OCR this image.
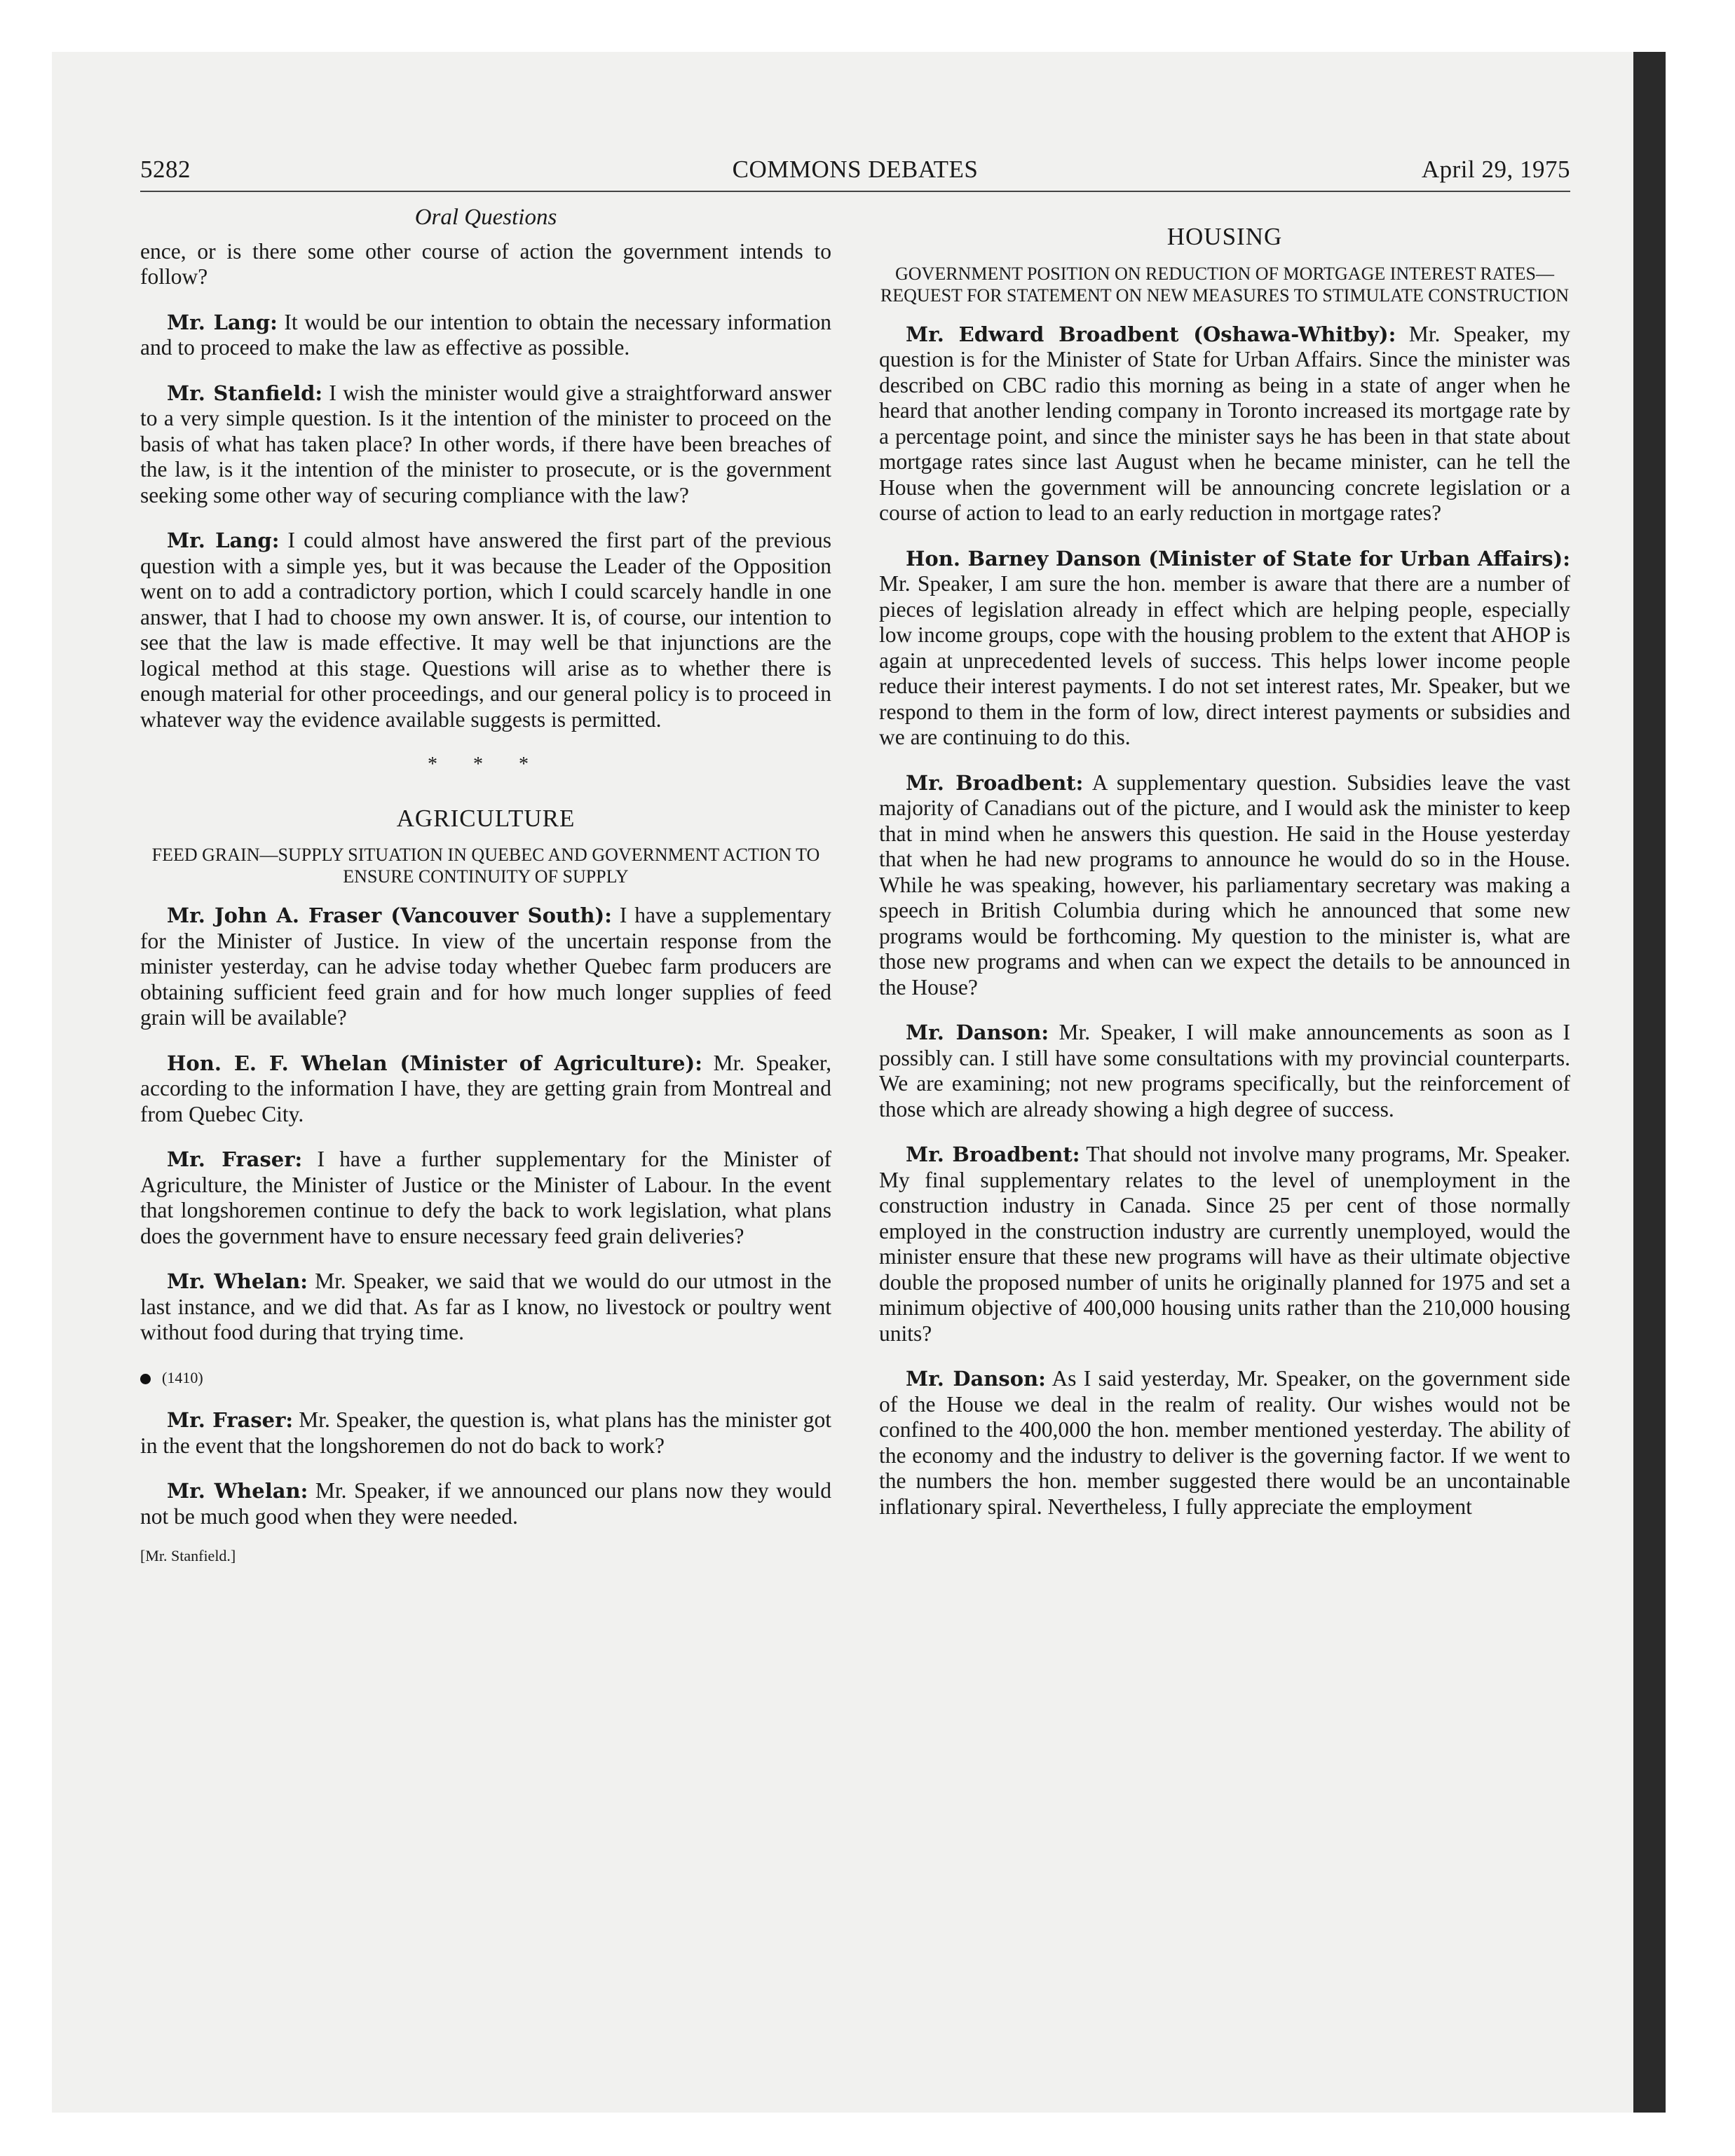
COMMONS DEBATES
5282	April 29, 1975
Oral Questions

ence, or is there some other course of action the government intends to follow?

Mr. Lang: It would be our intention to obtain the necessary information and to proceed to make the law as effective as possible.

Mr. Stanfield: I wish the minister would give a straightforward answer to a very simple question. Is it the intention of the minister to proceed on the basis of what has taken place? In other words, if there have been breaches of the law, is it the intention of the minister to prosecute, or is the government seeking some other way of securing compliance with the law?

Mr. Lang: I could almost have answered the first part of the previous question with a simple yes, but it was because the Leader of the Opposition went on to add a contradictory portion, which I could scarcely handle in one answer, that I had to choose my own answer. It is, of course, our intention to see that the law is made effective. It may well be that injunctions are the logical method at this stage. Questions will arise as to whether there is enough material for other proceedings, and our general policy is to proceed in whatever way the evidence available suggests is permitted.

* * *
AGRICULTURE
FEED GRAIN—SUPPLY SITUATION IN QUEBEC AND GOVERNMENT ACTION TO ENSURE CONTINUITY OF SUPPLY

Mr. John A. Fraser (Vancouver South): I have a supplementary for the Minister of Justice. In view of the uncertain response from the minister yesterday, can he advise today whether Quebec farm producers are obtaining sufficient feed grain and for how much longer supplies of feed grain will be available?

Hon. E. F. Whelan (Minister of Agriculture): Mr. Speaker, according to the information I have, they are getting grain from Montreal and from Quebec City.

Mr. Fraser: I have a further supplementary for the Minister of Agriculture, the Minister of Justice or the Minister of Labour. In the event that longshoremen continue to defy the back to work legislation, what plans does the government have to ensure necessary feed grain deliveries?

Mr. Whelan: Mr. Speaker, we said that we would do our utmost in the last instance, and we did that. As far as I know, no livestock or poultry went without food during that trying time.

(1410)

Mr. Fraser: Mr. Speaker, the question is, what plans has the minister got in the event that the longshoremen do not do back to work?

Mr. Whelan: Mr. Speaker, if we announced our plans now they would not be much good when they were needed.

[Mr. Stanfield.]
HOUSING
GOVERNMENT POSITION ON REDUCTION OF MORTGAGE INTEREST RATES—REQUEST FOR STATEMENT ON NEW MEASURES TO STIMULATE CONSTRUCTION

Mr. Edward Broadbent (Oshawa-Whitby): Mr. Speaker, my question is for the Minister of State for Urban Affairs. Since the minister was described on CBC radio this morning as being in a state of anger when he heard that another lending company in Toronto increased its mortgage rate by a percentage point, and since the minister says he has been in that state about mortgage rates since last August when he became minister, can he tell the House when the government will be announcing concrete legislation or a course of action to lead to an early reduction in mortgage rates?

Hon. Barney Danson (Minister of State for Urban Affairs): Mr. Speaker, I am sure the hon. member is aware that there are a number of pieces of legislation already in effect which are helping people, especially low income groups, cope with the housing problem to the extent that AHOP is again at unprecedented levels of success. This helps lower income people reduce their interest payments. I do not set interest rates, Mr. Speaker, but we respond to them in the form of low, direct interest payments or subsidies and we are continuing to do this.

Mr. Broadbent: A supplementary question. Subsidies leave the vast majority of Canadians out of the picture, and I would ask the minister to keep that in mind when he answers this question. He said in the House yesterday that when he had new programs to announce he would do so in the House. While he was speaking, however, his parliamentary secretary was making a speech in British Columbia during which he announced that some new programs would be forthcoming. My question to the minister is, what are those new programs and when can we expect the details to be announced in the House?

Mr. Danson: Mr. Speaker, I will make announcements as soon as I possibly can. I still have some consultations with my provincial counterparts. We are examining; not new programs specifically, but the reinforcement of those which are already showing a high degree of success.

Mr. Broadbent: That should not involve many programs, Mr. Speaker. My final supplementary relates to the level of unemployment in the construction industry in Canada. Since 25 per cent of those normally employed in the construction industry are currently unemployed, would the minister ensure that these new programs will have as their ultimate objective double the proposed number of units he originally planned for 1975 and set a minimum objective of 400,000 housing units rather than the 210,000 housing units?

Mr. Danson: As I said yesterday, Mr. Speaker, on the government side of the House we deal in the realm of reality. Our wishes would not be confined to the 400,000 the hon. member mentioned yesterday. The ability of the economy and the industry to deliver is the governing factor. If we went to the numbers the hon. member suggested there would be an uncontainable inflationary spiral. Nevertheless, I fully appreciate the employment
